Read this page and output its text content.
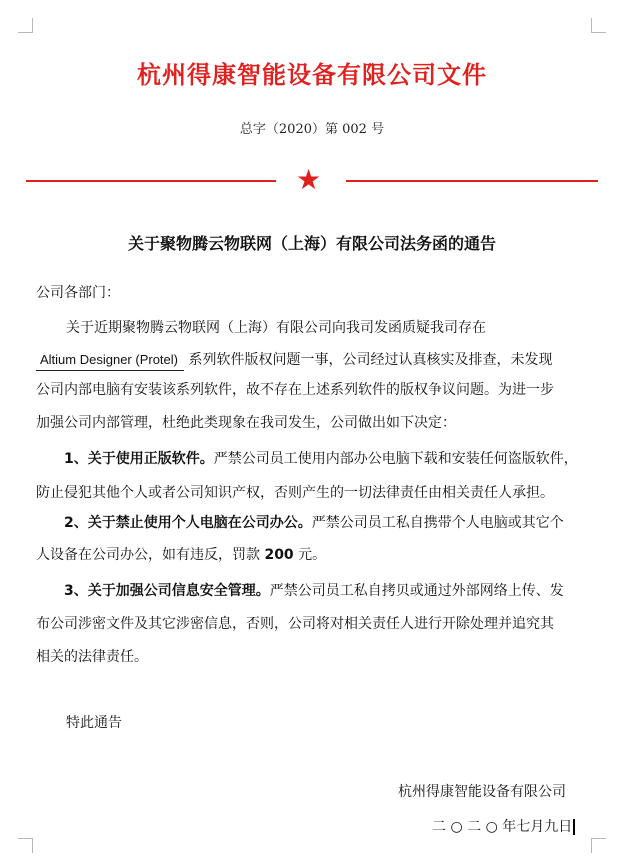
杭州得康智能设备有限公司文件
总字（2020）第 002 号
★
关于聚物腾云物联网（上海）有限公司法务函的通告
公司各部门：
关于近期聚物腾云物联网（上海）有限公司向我司发函质疑我司存在
Altium Designer (Protel) 系列软件版权问题一事，公司经过认真核实及排查，未发现
公司内部电脑有安装该系列软件，故不存在上述系列软件的版权争议问题。为进一步
加强公司内部管理，杜绝此类现象在我司发生，公司做出如下决定：
1、关于使用正版软件。严禁公司员工使用内部办公电脑下载和安装任何盗版软件，
防止侵犯其他个人或者公司知识产权，否则产生的一切法律责任由相关责任人承担。
2、关于禁止使用个人电脑在公司办公。严禁公司员工私自携带个人电脑或其它个
人设备在公司办公，如有违反，罚款 200 元。
3、关于加强公司信息安全管理。严禁公司员工私自拷贝或通过外部网络上传、发
布公司涉密文件及其它涉密信息，否则，公司将对相关责任人进行开除处理并追究其
相关的法律责任。
特此通告
杭州得康智能设备有限公司
二 ○ 二 ○ 年七月九日
